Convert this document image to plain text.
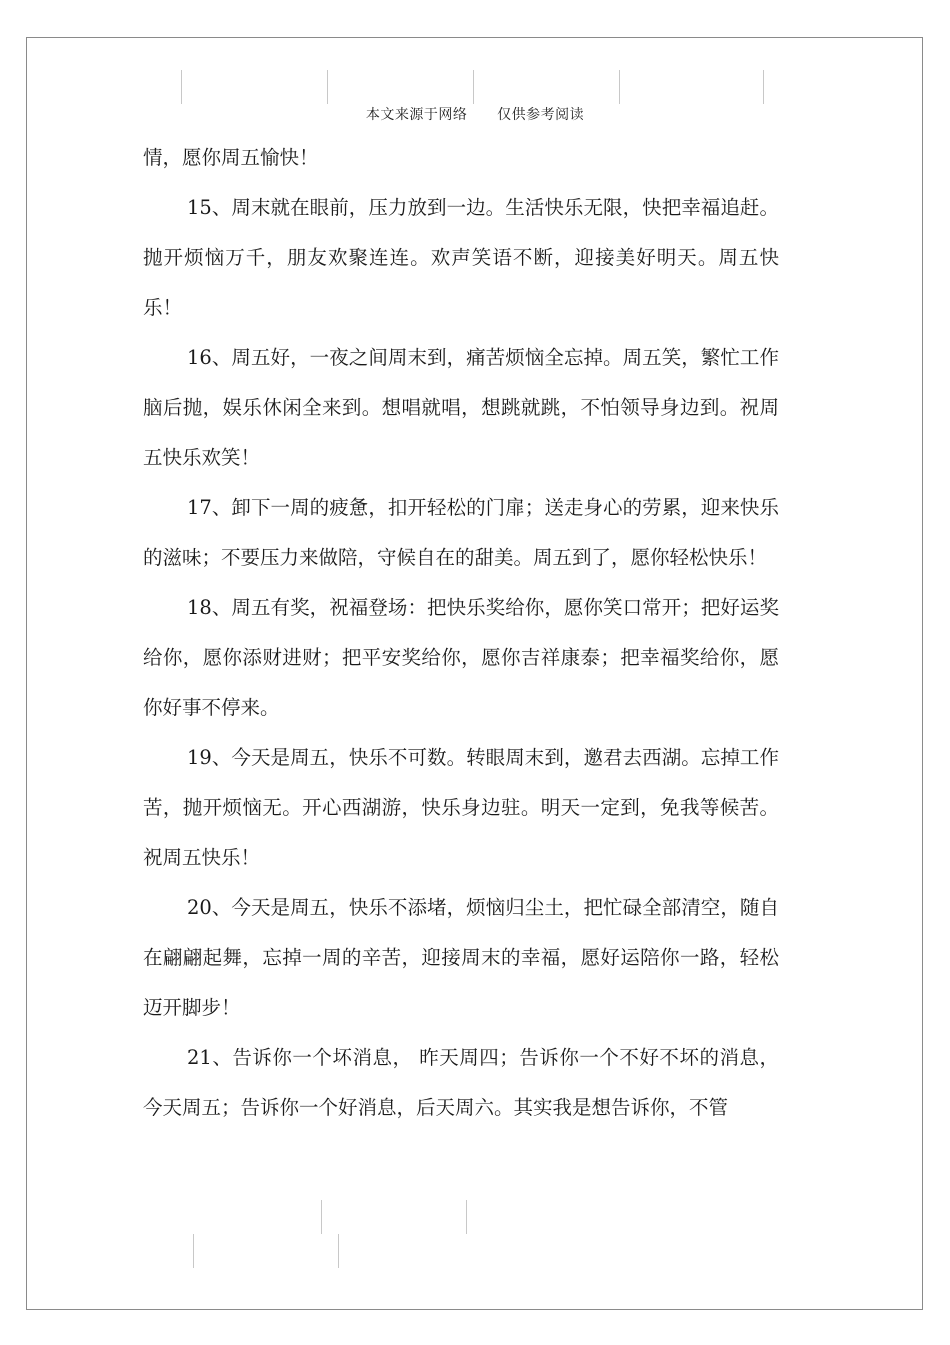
本文来源于网络      仅供参考阅读

情，愿你周五愉快！

15、周末就在眼前，压力放到一边。生活快乐无限，快把幸福追赶。抛开烦恼万千，朋友欢聚连连。欢声笑语不断，迎接美好明天。周五快乐！

16、周五好，一夜之间周末到，痛苦烦恼全忘掉。周五笑，繁忙工作脑后抛，娱乐休闲全来到。想唱就唱，想跳就跳，不怕领导身边到。祝周五快乐欢笑！

17、卸下一周的疲惫，扣开轻松的门扉；送走身心的劳累，迎来快乐的滋味；不要压力来做陪，守候自在的甜美。周五到了，愿你轻松快乐！

18、周五有奖，祝福登场：把快乐奖给你，愿你笑口常开；把好运奖给你，愿你添财进财；把平安奖给你，愿你吉祥康泰；把幸福奖给你，愿你好事不停来。

19、今天是周五，快乐不可数。转眼周末到，邀君去西湖。忘掉工作苦，抛开烦恼无。开心西湖游，快乐身边驻。明天一定到，免我等候苦。祝周五快乐！

20、今天是周五，快乐不添堵，烦恼归尘土，把忙碌全部清空，随自在翩翩起舞，忘掉一周的辛苦，迎接周末的幸福，愿好运陪你一路，轻松迈开脚步！

21、告诉你一个坏消息， 昨天周四；告诉你一个不好不坏的消息，今天周五；告诉你一个好消息，后天周六。其实我是想告诉你，不管
